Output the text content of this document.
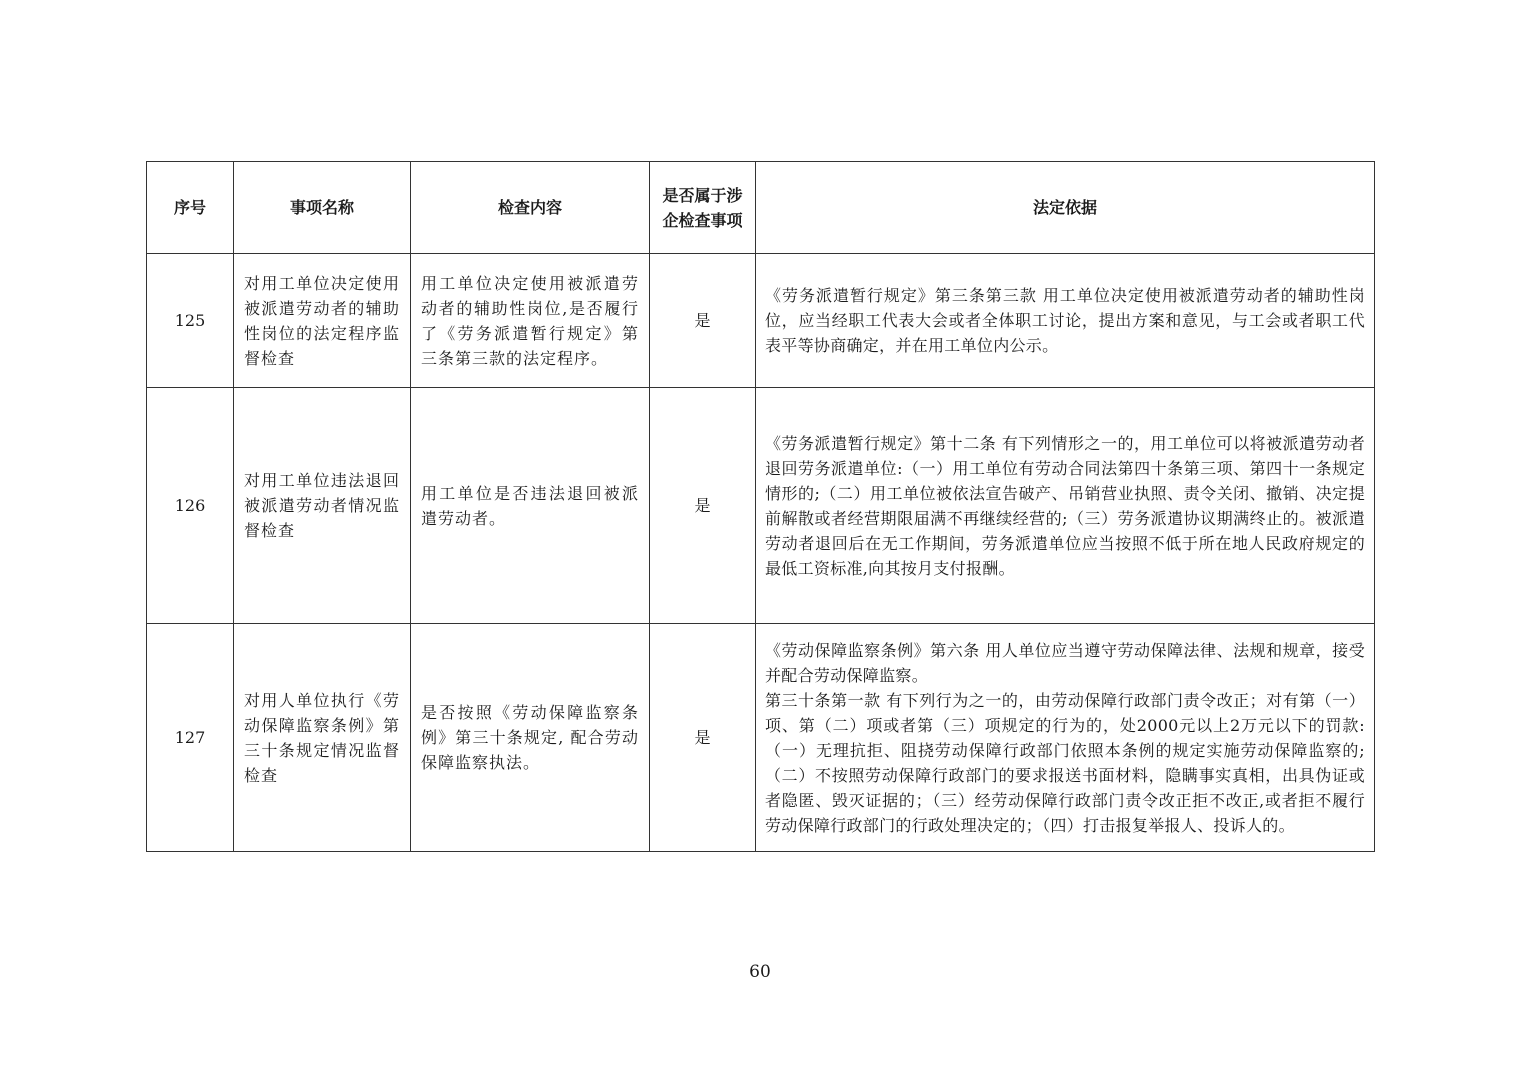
序号	事项名称	检查内容	是否属于涉企检查事项	法定依据
125	对用工单位决定使用被派遣劳动者的辅助性岗位的法定程序监督检查	用工单位决定使用被派遣劳动者的辅助性岗位,是否履行了《劳务派遣暂行规定》第三条第三款的法定程序。	是	《劳务派遣暂行规定》第三条第三款 用工单位决定使用被派遣劳动者的辅助性岗位，应当经职工代表大会或者全体职工讨论，提出方案和意见，与工会或者职工代表平等协商确定，并在用工单位内公示。

126	对用工单位违法退回被派遣劳动者情况监督检查	用工单位是否违法退回被派遣劳动者。	是	《劳务派遣暂行规定》第十二条 有下列情形之一的，用工单位可以将被派遣劳动者退回劳务派遣单位:（一）用工单位有劳动合同法第四十条第三项、第四十一条规定情形的;（二）用工单位被依法宣告破产、吊销营业执照、责令关闭、撤销、决定提前解散或者经营期限届满不再继续经营的;（三）劳务派遣协议期满终止的。被派遣劳动者退回后在无工作期间，劳务派遣单位应当按照不低于所在地人民政府规定的最低工资标准,向其按月支付报酬。

127	对用人单位执行《劳动保障监察条例》第三十条规定情况监督检查	是否按照《劳动保障监察条例》第三十条规定, 配合劳动保障监察执法。	是	《劳动保障监察条例》第六条 用人单位应当遵守劳动保障法律、法规和规章，接受并配合劳动保障监察。
第三十条第一款 有下列行为之一的，由劳动保障行政部门责令改正；对有第（一）项、第（二）项或者第（三）项规定的行为的，处2000元以上2万元以下的罚款:（一）无理抗拒、阻挠劳动保障行政部门依照本条例的规定实施劳动保障监察的;（二）不按照劳动保障行政部门的要求报送书面材料，隐瞒事实真相，出具伪证或者隐匿、毁灭证据的；（三）经劳动保障行政部门责令改正拒不改正,或者拒不履行劳动保障行政部门的行政处理决定的；（四）打击报复举报人、投诉人的。
60
